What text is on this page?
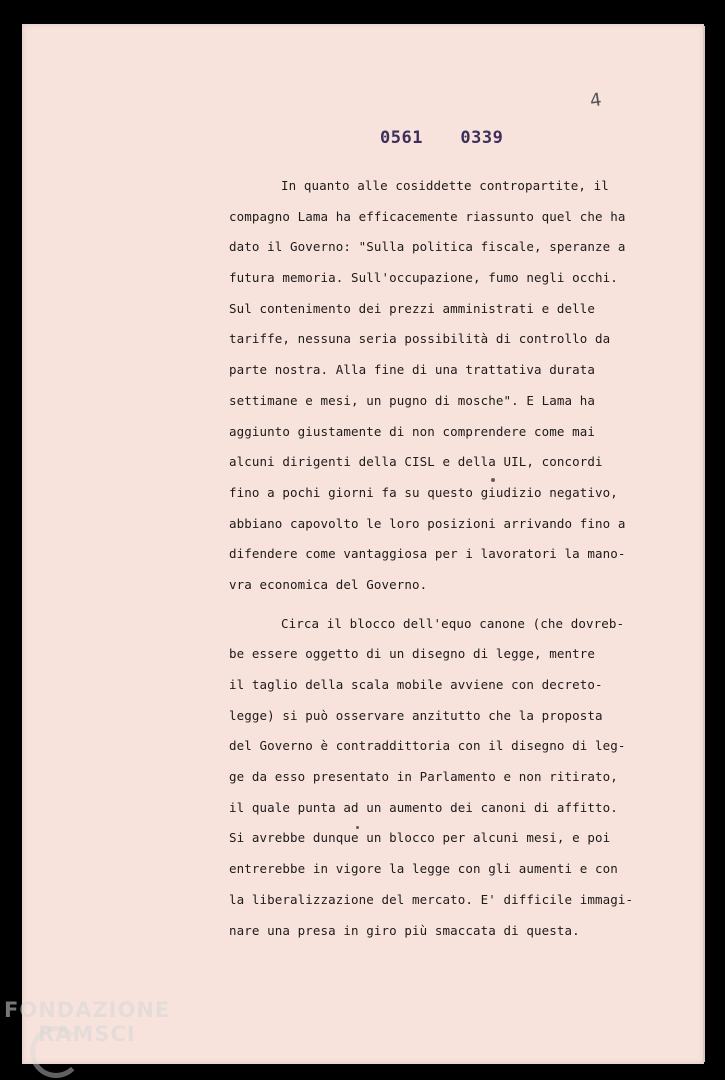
4
0561  0339
In quanto alle cosiddette contropartite, il
compagno Lama ha efficacemente riassunto quel che ha
dato il Governo: "Sulla politica fiscale, speranze a
futura memoria. Sull'occupazione, fumo negli occhi.
Sul contenimento dei prezzi amministrati e delle
tariffe, nessuna seria possibilità di controllo da
parte nostra. Alla fine di una trattativa durata
settimane e mesi, un pugno di mosche". E Lama ha
aggiunto giustamente di non comprendere come mai
alcuni dirigenti della CISL e della UIL, concordi
fino a pochi giorni fa su questo giudizio negativo,
abbiano capovolto le loro posizioni arrivando fino a
difendere come vantaggiosa per i lavoratori la mano-
vra economica del Governo.
Circa il blocco dell'equo canone (che dovreb-
be essere oggetto di un disegno di legge, mentre
il taglio della scala mobile avviene con decreto-
legge) si può osservare anzitutto che la proposta
del Governo è contraddittoria con il disegno di leg-
ge da esso presentato in Parlamento e non ritirato,
il quale punta ad un aumento dei canoni di affitto.
Si avrebbe dunque un blocco per alcuni mesi, e poi
entrerebbe in vigore la legge con gli aumenti e con
la liberalizzazione del mercato. E' difficile immagi-
nare una presa in giro più smaccata di questa.
FONDAZIONE
RAMSCI
